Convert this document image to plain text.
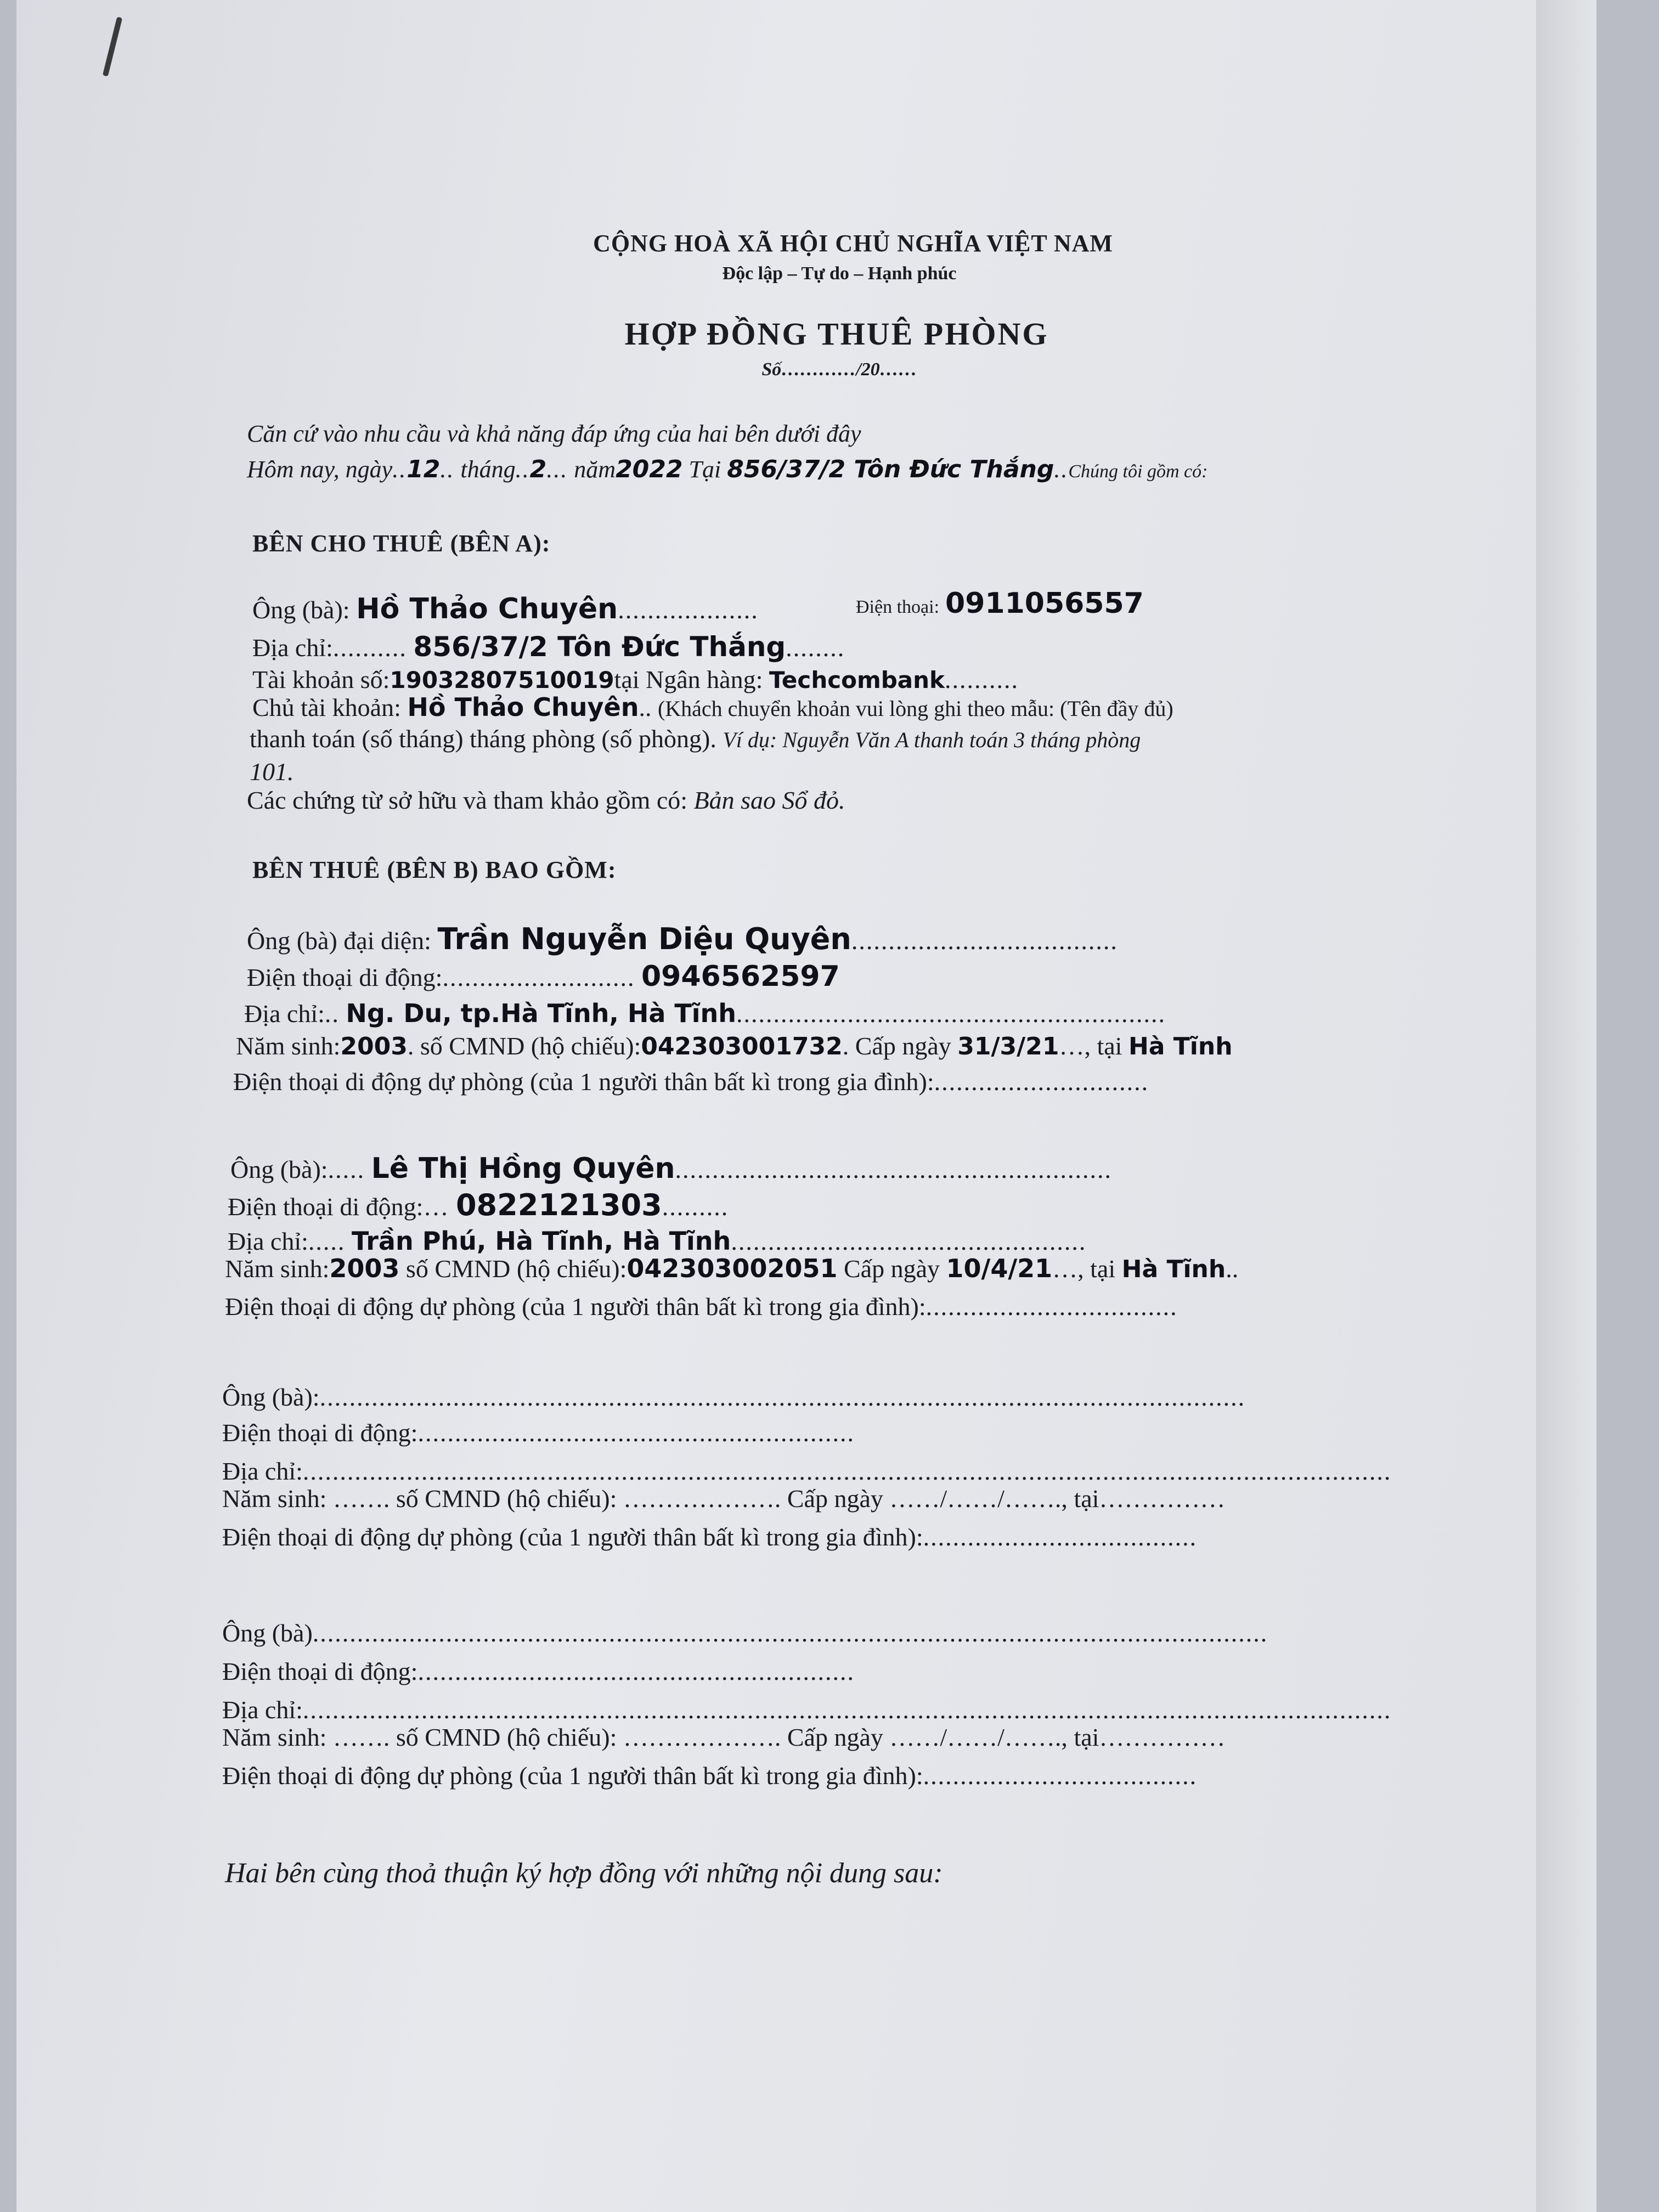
CỘNG HOÀ XÃ HỘI CHỦ NGHĨA VIỆT NAM
Độc lập – Tự do – Hạnh phúc
HỢP ĐỒNG THUÊ PHÒNG
Số…………/20……
Căn cứ vào nhu cầu và khả năng đáp ứng của hai bên dưới đây
Hôm nay, ngày..12.. tháng..2... năm2022 Tại 856/37/2 Tôn Đức Thắng..Chúng tôi gồm có:
BÊN CHO THUÊ (BÊN A):
Ông (bà): Hồ Thảo Chuyên...................	Điện thoại: 0911056557
Địa chỉ:.......... 856/37/2 Tôn Đức Thắng........
Tài khoản số:19032807510019tại Ngân hàng: Techcombank..........
Chủ tài khoản: Hồ Thảo Chuyên.. (Khách chuyển khoản vui lòng ghi theo mẫu: (Tên đầy đủ)
thanh toán (số tháng) tháng phòng (số phòng). Ví dụ: Nguyễn Văn A thanh toán 3 tháng phòng
101.
Các chứng từ sở hữu và tham khảo gồm có: Bản sao Sổ đỏ.
BÊN THUÊ (BÊN B) BAO GỒM:
Ông (bà) đại diện: Trần Nguyễn Diệu Quyên....................................
Điện thoại di động:.......................... 0946562597
Địa chỉ:.. Ng. Du, tp.Hà Tĩnh, Hà Tĩnh..........................................................
Năm sinh:2003. số CMND (hộ chiếu):042303001732. Cấp ngày 31/3/21…, tại Hà Tĩnh
Điện thoại di động dự phòng (của 1 người thân bất kì trong gia đình):.............................
Ông (bà):..... Lê Thị Hồng Quyên...........................................................
Điện thoại di động:… 0822121303.........
Địa chỉ:..... Trần Phú, Hà Tĩnh, Hà Tĩnh................................................
Năm sinh:2003 số CMND (hộ chiếu):042303002051 Cấp ngày 10/4/21…, tại Hà Tĩnh..
Điện thoại di động dự phòng (của 1 người thân bất kì trong gia đình):..................................
Ông (bà):.............................................................................................................................
Điện thoại di động:...........................................................
Địa chỉ:...................................................................................................................................................
Năm sinh: ……. số CMND (hộ chiếu): ………………. Cấp ngày ……/……/……., tại……………
Điện thoại di động dự phòng (của 1 người thân bất kì trong gia đình):.....................................
Ông (bà).................................................................................................................................
Điện thoại di động:...........................................................
Địa chỉ:...................................................................................................................................................
Năm sinh: ……. số CMND (hộ chiếu): ………………. Cấp ngày ……/……/……., tại……………
Điện thoại di động dự phòng (của 1 người thân bất kì trong gia đình):.....................................
Hai bên cùng thoả thuận ký hợp đồng với những nội dung sau:
